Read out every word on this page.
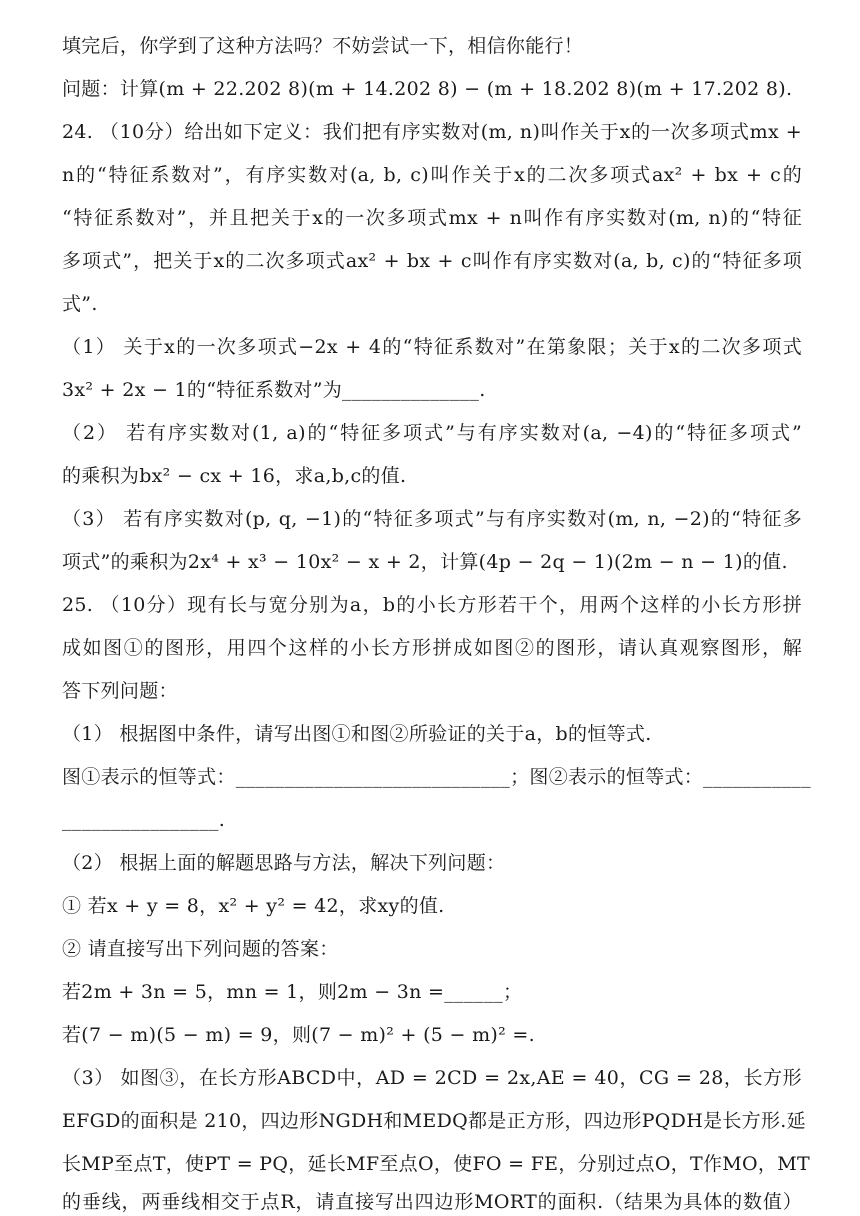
填完后，你学到了这种方法吗？不妨尝试一下，相信你能行！
问题：计算(m + 22.202 8)(m + 14.202 8) − (m + 18.202 8)(m + 17.202 8).
24. （10分）给出如下定义：我们把有序实数对(m, n)叫作关于x的一次多项式mx +
n的“特征系数对”，有序实数对(a, b, c)叫作关于x的二次多项式ax² + bx + c的
“特征系数对”，并且把关于x的一次多项式mx + n叫作有序实数对(m, n)的“特征
多项式”，把关于x的二次多项式ax² + bx + c叫作有序实数对(a, b, c)的“特征多项
式”.
（1） 关于x的一次多项式−2x + 4的“特征系数对”在第象限；关于x的二次多项式
3x² + 2x − 1的“特征系数对”为______________.
（2） 若有序实数对(1, a)的“特征多项式”与有序实数对(a, −4)的“特征多项式”
的乘积为bx² − cx + 16，求a,b,c的值.
（3） 若有序实数对(p, q, −1)的“特征多项式”与有序实数对(m, n, −2)的“特征多
项式”的乘积为2x⁴ + x³ − 10x² − x + 2，计算(4p − 2q − 1)(2m − n − 1)的值.
25. （10分）现有长与宽分别为a，b的小长方形若干个，用两个这样的小长方形拼
成如图①的图形，用四个这样的小长方形拼成如图②的图形，请认真观察图形，解
答下列问题：
（1） 根据图中条件，请写出图①和图②所验证的关于a，b的恒等式.
图①表示的恒等式：____________________________；图②表示的恒等式：___________
________________.
（2） 根据上面的解题思路与方法，解决下列问题：
① 若x + y = 8，x² + y² = 42，求xy的值.
② 请直接写出下列问题的答案：
若2m + 3n = 5，mn = 1，则2m − 3n =______；
若(7 − m)(5 − m) = 9，则(7 − m)² + (5 − m)² =.
（3） 如图③，在长方形ABCD中，AD = 2CD = 2x,AE = 40，CG = 28，长方形
EFGD的面积是 210，四边形NGDH和MEDQ都是正方形，四边形PQDH是长方形.延
长MP至点T，使PT = PQ，延长MF至点O，使FO = FE，分别过点O，T作MO，MT
的垂线，两垂线相交于点R，请直接写出四边形MORT的面积.（结果为具体的数值）
